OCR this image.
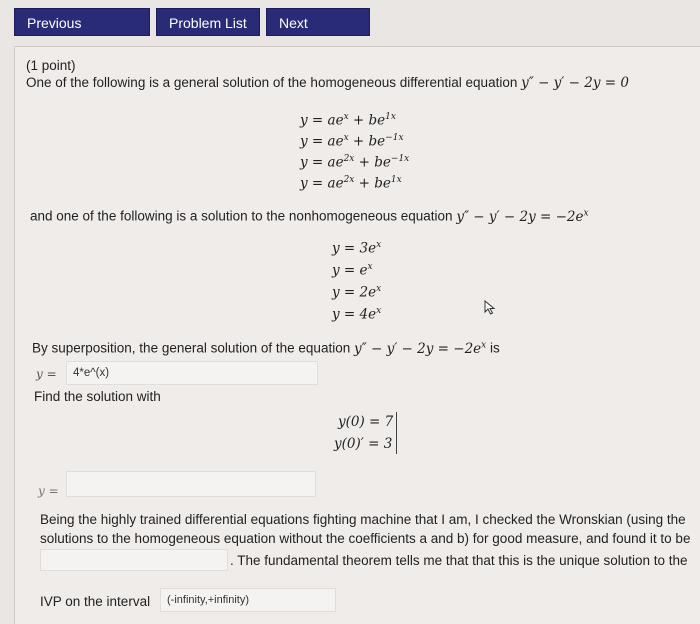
Previous	Problem List	Next
(1 point)
One of the following is a general solution of the homogeneous differential equation y″ − y′ − 2y = 0
$y = ae^x + be^{1x}$
$y = ae^x + be^{-1x}$
$y = ae^{2x} + be^{-1x}$
$y = ae^{2x} + be^{1x}$
and one of the following is a solution to the nonhomogeneous equation $y'' - y' - 2y = -2e^x$
$y = 3e^x$
$y = e^x$
$y = 2e^x$
$y = 4e^x$
By superposition, the general solution of the equation $y'' - y' - 2y = -2e^x$ is
y =	4*e^(x)
Find the solution with
y(0) = 7
y(0)′ = 3
y =
Being the highly trained differential equations fighting machine that I am, I checked the Wronskian (using the
solutions to the homogeneous equation without the coefficients a and b) for good measure, and found it to be
. The fundamental theorem tells me that that this is the unique solution to the
IVP on the interval	(-infinity,+infinity)
